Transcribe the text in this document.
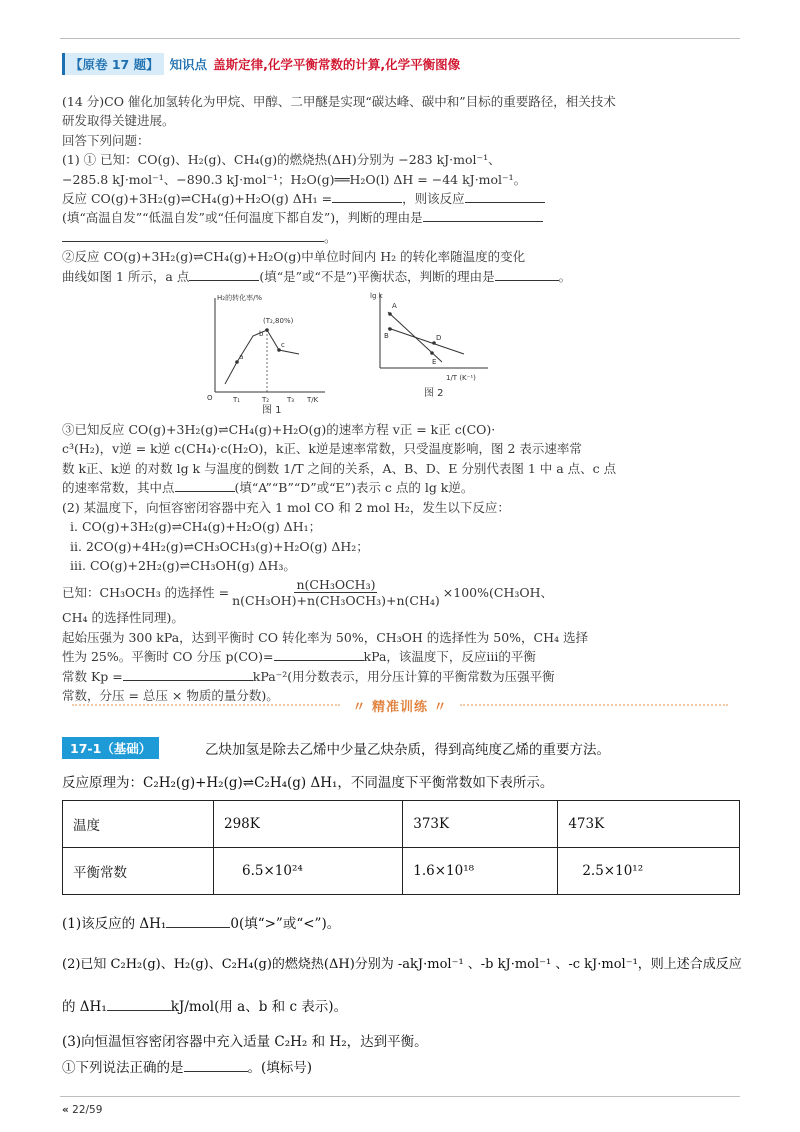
【原卷 17 题】 知识点 盖斯定律,化学平衡常数的计算,化学平衡图像

(14 分)CO 催化加氢转化为甲烷、甲醇、二甲醚是实现“碳达峰、碳中和”目标的重要路径，相关技术研发取得关键进展。

回答下列问题：

(1) ① 已知：CO(g)、H₂(g)、CH₄(g)的燃烧热(ΔH)分别为 −283 kJ·mol⁻¹、

−285.8 kJ·mol⁻¹、−890.3 kJ·mol⁻¹；H₂O(g)══H₂O(l) ΔH = −44 kJ·mol⁻¹。

反应 CO(g)+3H₂(g)⇌CH₄(g)+H₂O(g) ΔH₁ =	，则该反应

(填“高温自发”“低温自发”或“任何温度下都自发”)，判断的理由是

。

②反应 CO(g)+3H₂(g)⇌CH₄(g)+H₂O(g)中单位时间内 H₂ 的转化率随温度的变化

曲线如图 1 所示，a 点	(填“是”或“不是”)平衡状态，判断的理由是	。

H₂的转化率/%
(T₂,80%)
a
b
c
O	T₁	T₂	T₃ T/K
图 1
lg k
A
B	D
E
1/T (K⁻¹)
图 2

③已知反应 CO(g)+3H₂(g)⇌CH₄(g)+H₂O(g)的速率方程 v正 = k正 c(CO)·

c³(H₂)，v逆 = k逆 c(CH₄)·c(H₂O)，k正、k逆是速率常数，只受温度影响，图 2 表示速率常

数 k正、k逆 的对数 lg k 与温度的倒数 1/T 之间的关系，A、B、D、E 分别代表图 1 中 a 点、c 点

的速率常数，其中点	(填“A”“B”“D”或“E”)表示 c 点的 lg k逆。

(2) 某温度下，向恒容密闭容器中充入 1 mol CO 和 2 mol H₂，发生以下反应：

ⅰ. CO(g)+3H₂(g)⇌CH₄(g)+H₂O(g) ΔH₁；

ⅱ. 2CO(g)+4H₂(g)⇌CH₃OCH₃(g)+H₂O(g) ΔH₂；

ⅲ. CO(g)+2H₂(g)⇌CH₃OH(g) ΔH₃。

已知：CH₃OCH₃ 的选择性 =
n(CH₃OCH₃)
n(CH₃OH)+n(CH₃OCH₃)+n(CH₄)
×100%(CH₃OH、

CH₄ 的选择性同理)。

起始压强为 300 kPa，达到平衡时 CO 转化率为 50%，CH₃OH 的选择性为 50%，CH₄ 选择

性为 25%。平衡时 CO 分压 p(CO)=	kPa，该温度下，反应ⅲ的平衡

常数 Kp =	kPa⁻²(用分数表示，用分压计算的平衡常数为压强平衡

常数，分压 = 总压 × 物质的量分数)。

〃 精准训练 〃
17-1（基础）	乙炔加氢是除去乙烯中少量乙炔杂质，得到高纯度乙烯的重要方法。
反应原理为：C₂H₂(g)+H₂(g)⇌C₂H₄(g) ΔH₁，不同温度下平衡常数如下表所示。
温度	298K	373K	473K
平衡常数	6.5×10²⁴	1.6×10¹⁸	2.5×10¹²
(1)该反应的 ΔH₁	0(填“>”或“<”)。
(2)已知 C₂H₂(g)、H₂(g)、C₂H₄(g)的燃烧热(ΔH)分别为 -akJ·mol⁻¹ 、-b kJ·mol⁻¹ 、-c kJ·mol⁻¹，则上述合成反应
的 ΔH₁	kJ/mol(用 a、b 和 c 表示)。
(3)向恒温恒容密闭容器中充入适量 C₂H₂ 和 H₂，达到平衡。
①下列说法正确的是	。(填标号)
« 22/59
